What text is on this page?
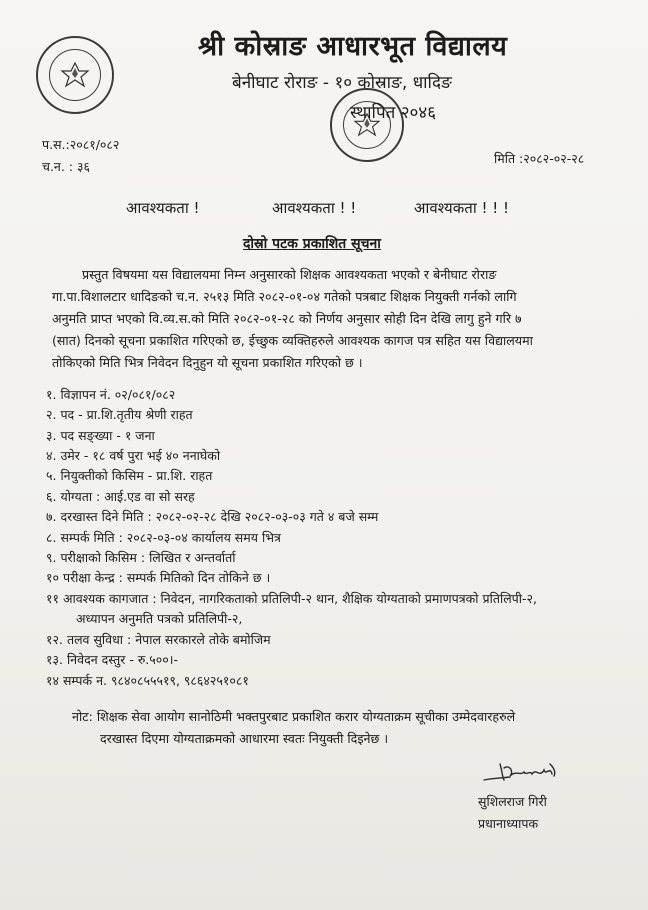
श्री कोस्राङ आधारभूत विद्यालय
बेनीघाट रोराङ - १० कोस्राङ, धादिङ
स्थापित २०४६
प.स.:२०८१/०८२
च.न. : ३६
मिति :२०८२-०२-२८
आवश्यकता !	आवश्यकता ! !	आवश्यकता ! ! !
दोस्रो पटक प्रकाशित सूचना

प्रस्तुत विषयमा यस विद्यालयमा निम्न अनुसारको शिक्षक आवश्यकता भएको र बेनीघाट रोराङ

गा.पा.विशालटार धादिङको च.न. २५१३ मिति २०८२-०१-०४ गतेको पत्रबाट शिक्षक नियुक्ती गर्नको लागि

अनुमति प्राप्त भएको वि.व्य.स.को मिति २०८२-०१-२८ को निर्णय अनुसार सोही दिन देखि लागु हुने गरि ७

(सात) दिनको सूचना प्रकाशित गरिएको छ, ईच्छुक व्यक्तिहरुले आवश्यक कागज पत्र सहित यस विद्यालयमा

तोकिएको मिति भित्र निवेदन दिनुहुन यो सूचना प्रकाशित गरिएको छ ।

१. विज्ञापन नं. ०२/०८१/०८२
२. पद - प्रा.शि.तृतीय श्रेणी राहत
३. पद सङ्ख्या - १ जना
४. उमेर - १८ वर्ष पुरा भई ४० ननाघेको
५. नियुक्तीको किसिम - प्रा.शि. राहत
६. योग्यता : आई.एड वा सो सरह
७. दरखास्त दिने मिति : २०८२-०२-२८ देखि २०८२-०३-०३ गते ४ बजे सम्म
८. सम्पर्क मिति : २०८२-०३-०४ कार्यालय समय भित्र
९. परीक्षाको किसिम : लिखित र अन्तर्वार्ता
१० परीक्षा केन्द्र : सम्पर्क मितिको दिन तोकिने छ ।
११ आवश्यक कागजात : निवेदन, नागरिकताको प्रतिलिपी-२ थान, शैक्षिक योग्यताको प्रमाणपत्रको प्रतिलिपी-२,
अध्यापन अनुमति पत्रको प्रतिलिपी-२,
१२. तलव सुविधा : नेपाल सरकारले तोके बमोजिम
१३. निवेदन दस्तुर - रु.५००।-
१४ सम्पर्क न. ९८४०८५५५१९, ९८६४२५१०८१

नोट: शिक्षक सेवा आयोग सानोठिमी भक्तपुरबाट प्रकाशित करार योग्यताक्रम सूचीका उम्मेदवारहरुले

दरखास्त दिएमा योग्यताक्रमको आधारमा स्वतः नियुक्ती दिइनेछ ।

सुशिलराज गिरी
प्रधानाध्यापक
